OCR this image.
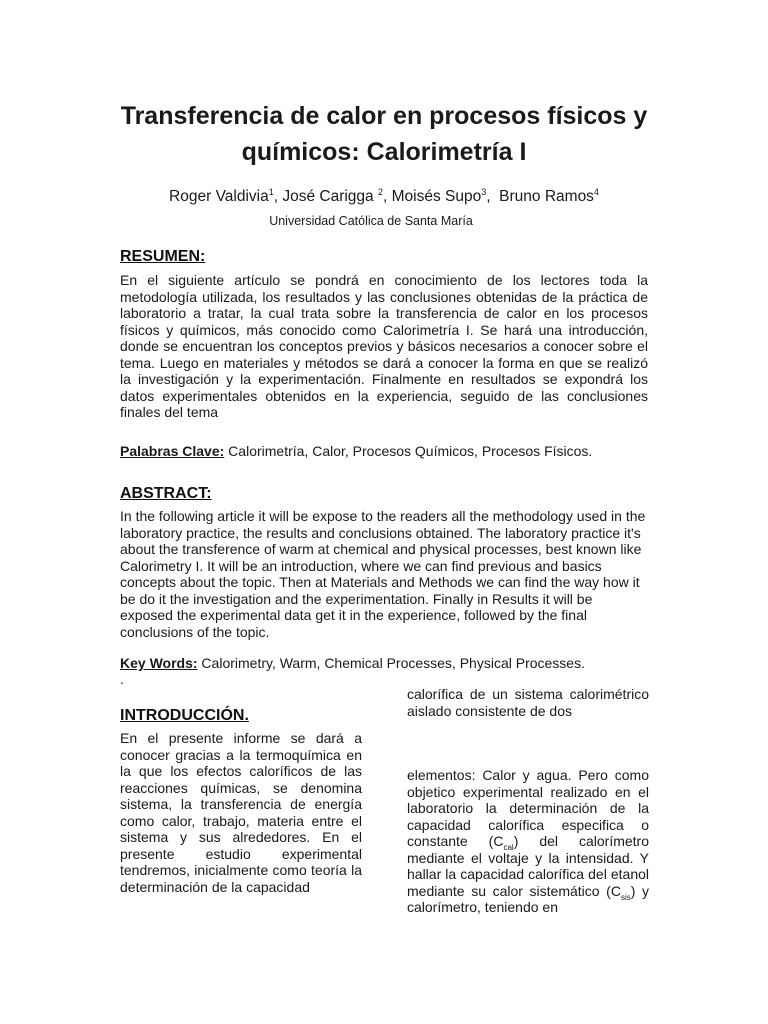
Transferencia de calor en procesos físicos y químicos: Calorimetría I
Roger Valdivia$^1$, José Carigga $^2$, Moisés Supo$^3$,  Bruno Ramos$^4$
Universidad Católica de Santa María
RESUMEN:
En el siguiente artículo se pondrá en conocimiento de los lectores toda la metodología utilizada, los resultados y las conclusiones obtenidas de la práctica de laboratorio a tratar, la cual trata sobre la transferencia de calor en los procesos físicos y químicos, más conocido como Calorimetría I. Se hará una introducción, donde se encuentran los conceptos previos y básicos necesarios a conocer sobre el tema. Luego en materiales y métodos se dará a conocer la forma en que se realizó la investigación y la experimentación. Finalmente en resultados se expondrá los datos experimentales obtenidos en la experiencia, seguido de las conclusiones finales del tema
Palabras Clave: Calorimetría, Calor, Procesos Químicos, Procesos Físicos.
ABSTRACT:
In the following article it will be expose to the readers all the methodology used in the laboratory practice, the results and conclusions obtained. The laboratory practice it's about the transference of warm at chemical and physical processes, best known like Calorimetry I. It will be an introduction, where we can find previous and basics concepts about the topic. Then at Materials and Methods we can find the way how it be do it the investigation and the experimentation. Finally in Results it will be exposed the experimental data get it in the experience, followed by the final conclusions of the topic.
Key Words: Calorimetry, Warm, Chemical Processes, Physical Processes.
.
INTRODUCCIÓN.
En el presente informe se dará a conocer gracias a la termoquímica en la que los efectos caloríficos de las reacciones químicas, se denomina sistema, la transferencia de energía como calor, trabajo, materia entre el sistema y sus alrededores. En el presente estudio experimental tendremos, inicialmente como teoría la determinación de la capacidad
calorífica de un sistema calorimétrico aislado consistente de dos
elementos: Calor y agua. Pero como objetico experimental realizado en el laboratorio la determinación de la capacidad calorífica especifica o constante $(C_{cal})$ del calorímetro mediante el voltaje y la intensidad. Y hallar la capacidad calorífica del etanol mediante su calor sistemático $(C_{sis})$ y calorímetro, teniendo en
